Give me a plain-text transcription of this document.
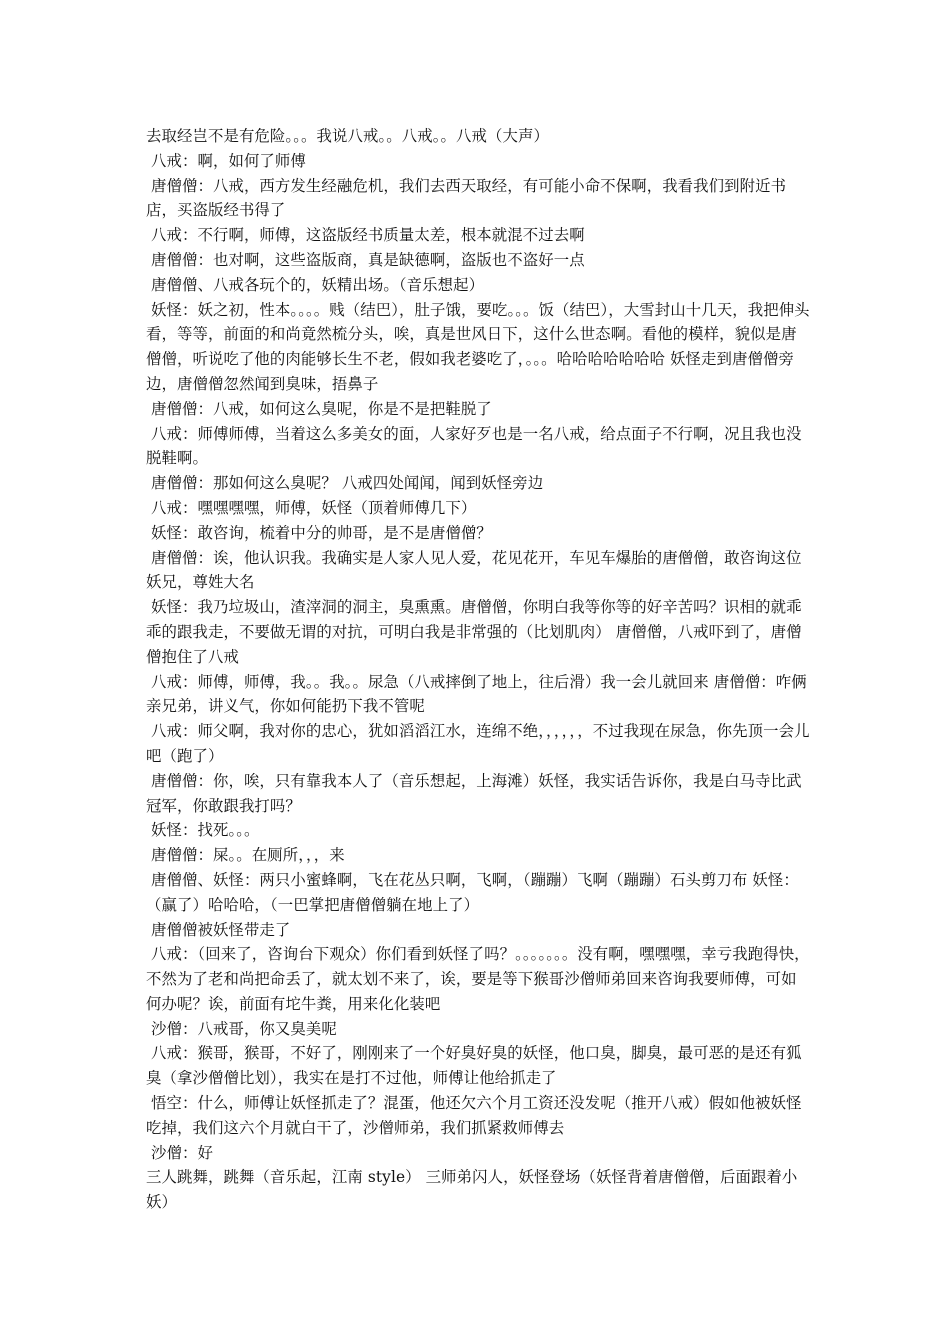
去取经岂不是有危险。。。我说八戒。。八戒。。八戒（大声）

八戒：啊，如何了师傅

唐僧僧：八戒，西方发生经融危机，我们去西天取经，有可能小命不保啊，我看我们到附近书店，买盗版经书得了

八戒：不行啊，师傅，这盗版经书质量太差，根本就混不过去啊

唐僧僧：也对啊，这些盗版商，真是缺德啊，盗版也不盗好一点

唐僧僧、八戒各玩个的，妖精出场。（音乐想起）

妖怪：妖之初，性本。。。。贱（结巴），肚子饿，要吃。。。饭（结巴），大雪封山十几天，我把伸头看，等等，前面的和尚竟然梳分头，唉，真是世风日下，这什么世态啊。看他的模样，貌似是唐僧僧，听说吃了他的肉能够长生不老，假如我老婆吃了，。。。哈哈哈哈哈哈哈 妖怪走到唐僧僧旁边，唐僧僧忽然闻到臭味，捂鼻子

唐僧僧：八戒，如何这么臭呢，你是不是把鞋脱了

八戒：师傅师傅，当着这么多美女的面，人家好歹也是一名八戒，给点面子不行啊，况且我也没脱鞋啊。

唐僧僧：那如何这么臭呢？ 八戒四处闻闻，闻到妖怪旁边

八戒：嘿嘿嘿嘿，师傅，妖怪（顶着师傅几下）

妖怪：敢咨询，梳着中分的帅哥，是不是唐僧僧？

唐僧僧：诶，他认识我。我确实是人家人见人爱，花见花开，车见车爆胎的唐僧僧，敢咨询这位妖兄，尊姓大名

妖怪：我乃垃圾山，渣滓洞的洞主，臭熏熏。唐僧僧，你明白我等你等的好辛苦吗？识相的就乖乖的跟我走，不要做无谓的对抗，可明白我是非常强的（比划肌肉） 唐僧僧，八戒吓到了，唐僧僧抱住了八戒

八戒：师傅，师傅，我。。我。。尿急（八戒摔倒了地上，往后滑）我一会儿就回来 唐僧僧：咋俩亲兄弟，讲义气，你如何能扔下我不管呢

八戒：师父啊，我对你的忠心，犹如滔滔江水，连绵不绝，，，，，，不过我现在尿急，你先顶一会儿吧（跑了）

唐僧僧：你，唉，只有靠我本人了（音乐想起，上海滩）妖怪，我实话告诉你，我是白马寺比武冠军，你敢跟我打吗？

妖怪：找死。。。

唐僧僧：屎。。在厕所，，，来

唐僧僧、妖怪：两只小蜜蜂啊，飞在花丛只啊，飞啊，（蹦蹦）飞啊（蹦蹦）石头剪刀布 妖怪：（赢了）哈哈哈，（一巴掌把唐僧僧躺在地上了）

唐僧僧被妖怪带走了

八戒：（回来了，咨询台下观众）你们看到妖怪了吗？。。。。。。。没有啊，嘿嘿嘿，幸亏我跑得快，不然为了老和尚把命丢了，就太划不来了，诶，要是等下猴哥沙僧师弟回来咨询我要师傅，可如何办呢？诶，前面有坨牛粪，用来化化装吧

沙僧：八戒哥，你又臭美呢

八戒：猴哥，猴哥，不好了，刚刚来了一个好臭好臭的妖怪，他口臭，脚臭，最可恶的是还有狐臭（拿沙僧僧比划），我实在是打不过他，师傅让他给抓走了

悟空：什么，师傅让妖怪抓走了？混蛋，他还欠六个月工资还没发呢（推开八戒）假如他被妖怪吃掉，我们这六个月就白干了，沙僧师弟，我们抓紧救师傅去

沙僧：好

三人跳舞，跳舞（音乐起，江南 style） 三师弟闪人，妖怪登场（妖怪背着唐僧僧，后面跟着小妖）
